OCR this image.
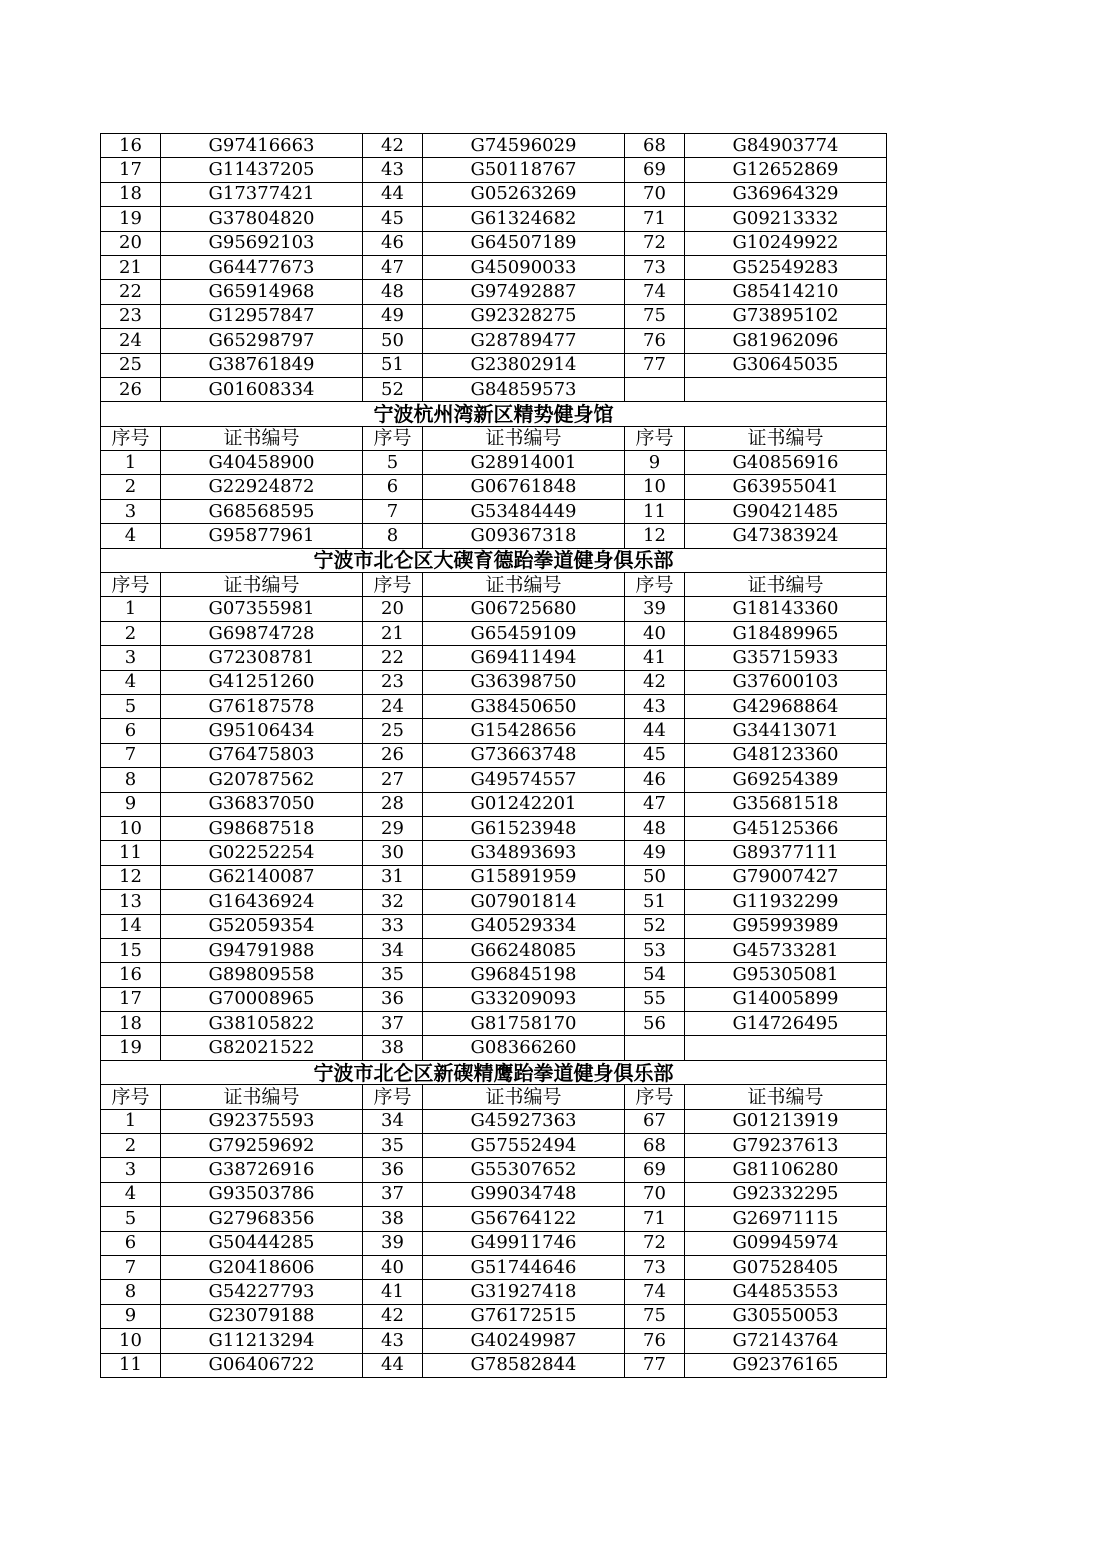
16	G97416663	42	G74596029	68	G84903774
17	G11437205	43	G50118767	69	G12652869
18	G17377421	44	G05263269	70	G36964329
19	G37804820	45	G61324682	71	G09213332
20	G95692103	46	G64507189	72	G10249922
21	G64477673	47	G45090033	73	G52549283
22	G65914968	48	G97492887	74	G85414210
23	G12957847	49	G92328275	75	G73895102
24	G65298797	50	G28789477	76	G81962096
25	G38761849	51	G23802914	77	G30645035
26	G01608334	52	G84859573		
宁波杭州湾新区精势健身馆					
序号	证书编号	序号	证书编号	序号	证书编号
1	G40458900	5	G28914001	9	G40856916
2	G22924872	6	G06761848	10	G63955041
3	G68568595	7	G53484449	11	G90421485
4	G95877961	8	G09367318	12	G47383924
宁波市北仑区大碶育德跆拳道健身俱乐部					
序号	证书编号	序号	证书编号	序号	证书编号
1	G07355981	20	G06725680	39	G18143360
2	G69874728	21	G65459109	40	G18489965
3	G72308781	22	G69411494	41	G35715933
4	G41251260	23	G36398750	42	G37600103
5	G76187578	24	G38450650	43	G42968864
6	G95106434	25	G15428656	44	G34413071
7	G76475803	26	G73663748	45	G48123360
8	G20787562	27	G49574557	46	G69254389
9	G36837050	28	G01242201	47	G35681518
10	G98687518	29	G61523948	48	G45125366
11	G02252254	30	G34893693	49	G89377111
12	G62140087	31	G15891959	50	G79007427
13	G16436924	32	G07901814	51	G11932299
14	G52059354	33	G40529334	52	G95993989
15	G94791988	34	G66248085	53	G45733281
16	G89809558	35	G96845198	54	G95305081
17	G70008965	36	G33209093	55	G14005899
18	G38105822	37	G81758170	56	G14726495
19	G82021522	38	G08366260		
宁波市北仑区新碶精鹰跆拳道健身俱乐部					
序号	证书编号	序号	证书编号	序号	证书编号
1	G92375593	34	G45927363	67	G01213919
2	G79259692	35	G57552494	68	G79237613
3	G38726916	36	G55307652	69	G81106280
4	G93503786	37	G99034748	70	G92332295
5	G27968356	38	G56764122	71	G26971115
6	G50444285	39	G49911746	72	G09945974
7	G20418606	40	G51744646	73	G07528405
8	G54227793	41	G31927418	74	G44853553
9	G23079188	42	G76172515	75	G30550053
10	G11213294	43	G40249987	76	G72143764
11	G06406722	44	G78582844	77	G92376165
